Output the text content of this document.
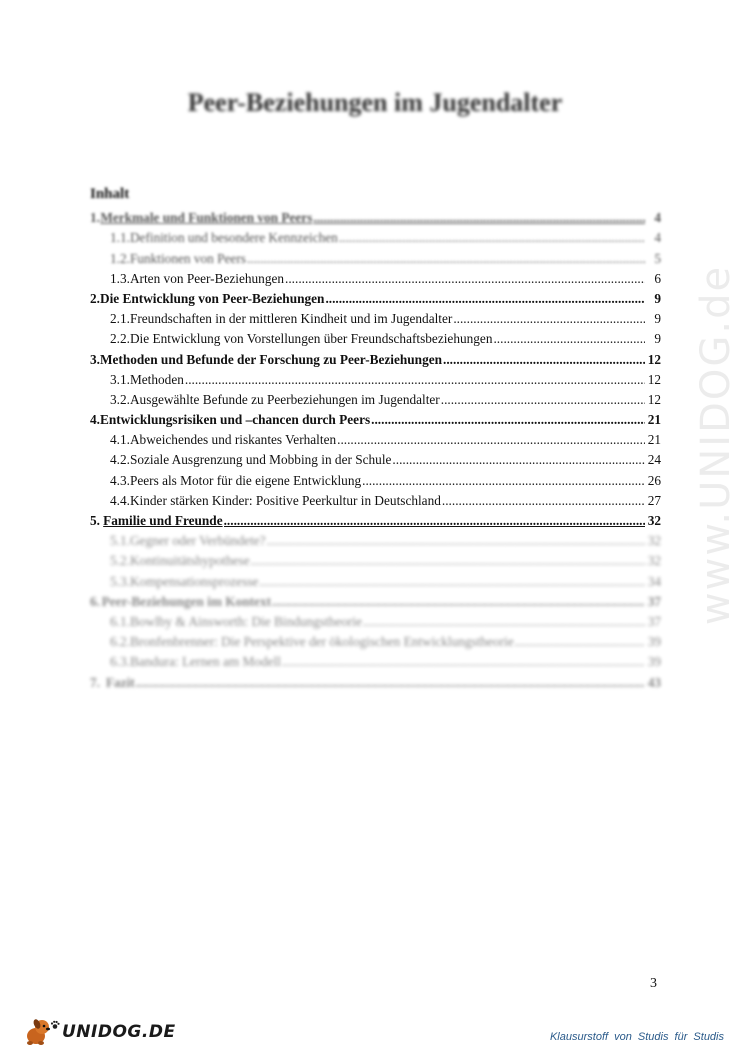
Peer-Beziehungen im Jugendalter
Inhalt
1. Merkmale und Funktionen von Peers .....	4
1.1. Definition und besondere Kennzeichen .....	4
1.2. Funktionen von Peers .....	5
1.3. Arten von Peer-Beziehungen .....	6
2. Die Entwicklung von Peer-Beziehungen .....	9
2.1. Freundschaften in der mittleren Kindheit und im Jugendalter .....	9
2.2. Die Entwicklung von Vorstellungen über Freundschaftsbeziehungen .....	9
3. Methoden und Befunde der Forschung zu Peer-Beziehungen .....	12
3.1. Methoden .....	12
3.2. Ausgewählte Befunde zu Peerbeziehungen im Jugendalter .....	12
4. Entwicklungsrisiken und –chancen durch Peers .....	21
4.1. Abweichendes und riskantes Verhalten .....	21
4.2. Soziale Ausgrenzung und Mobbing in der Schule .....	24
4.3. Peers als Motor für die eigene Entwicklung .....	26
4.4. Kinder stärken Kinder: Positive Peerkultur in Deutschland .....	27
5. Familie und Freunde .....	32
5.1. Gegner oder Verbündete? .....	32
5.2. Kontinuitätshypothese .....	32
5.3. Kompensationsprozesse .....	34
6. Peer-Beziehungen im Kontext .....	37
6.1. Bowlby & Ainsworth: Die Bindungstheorie .....	37
6.2. Bronfenbrenner: Die Perspektive der ökologischen Entwicklungstheorie .....	39
6.3. Bandura: Lernen am Modell .....	39
7. Fazit .....	43
www.UNIDOG.de
3
UNIDOG.DE	Klausurstoff von Studis für Studis
